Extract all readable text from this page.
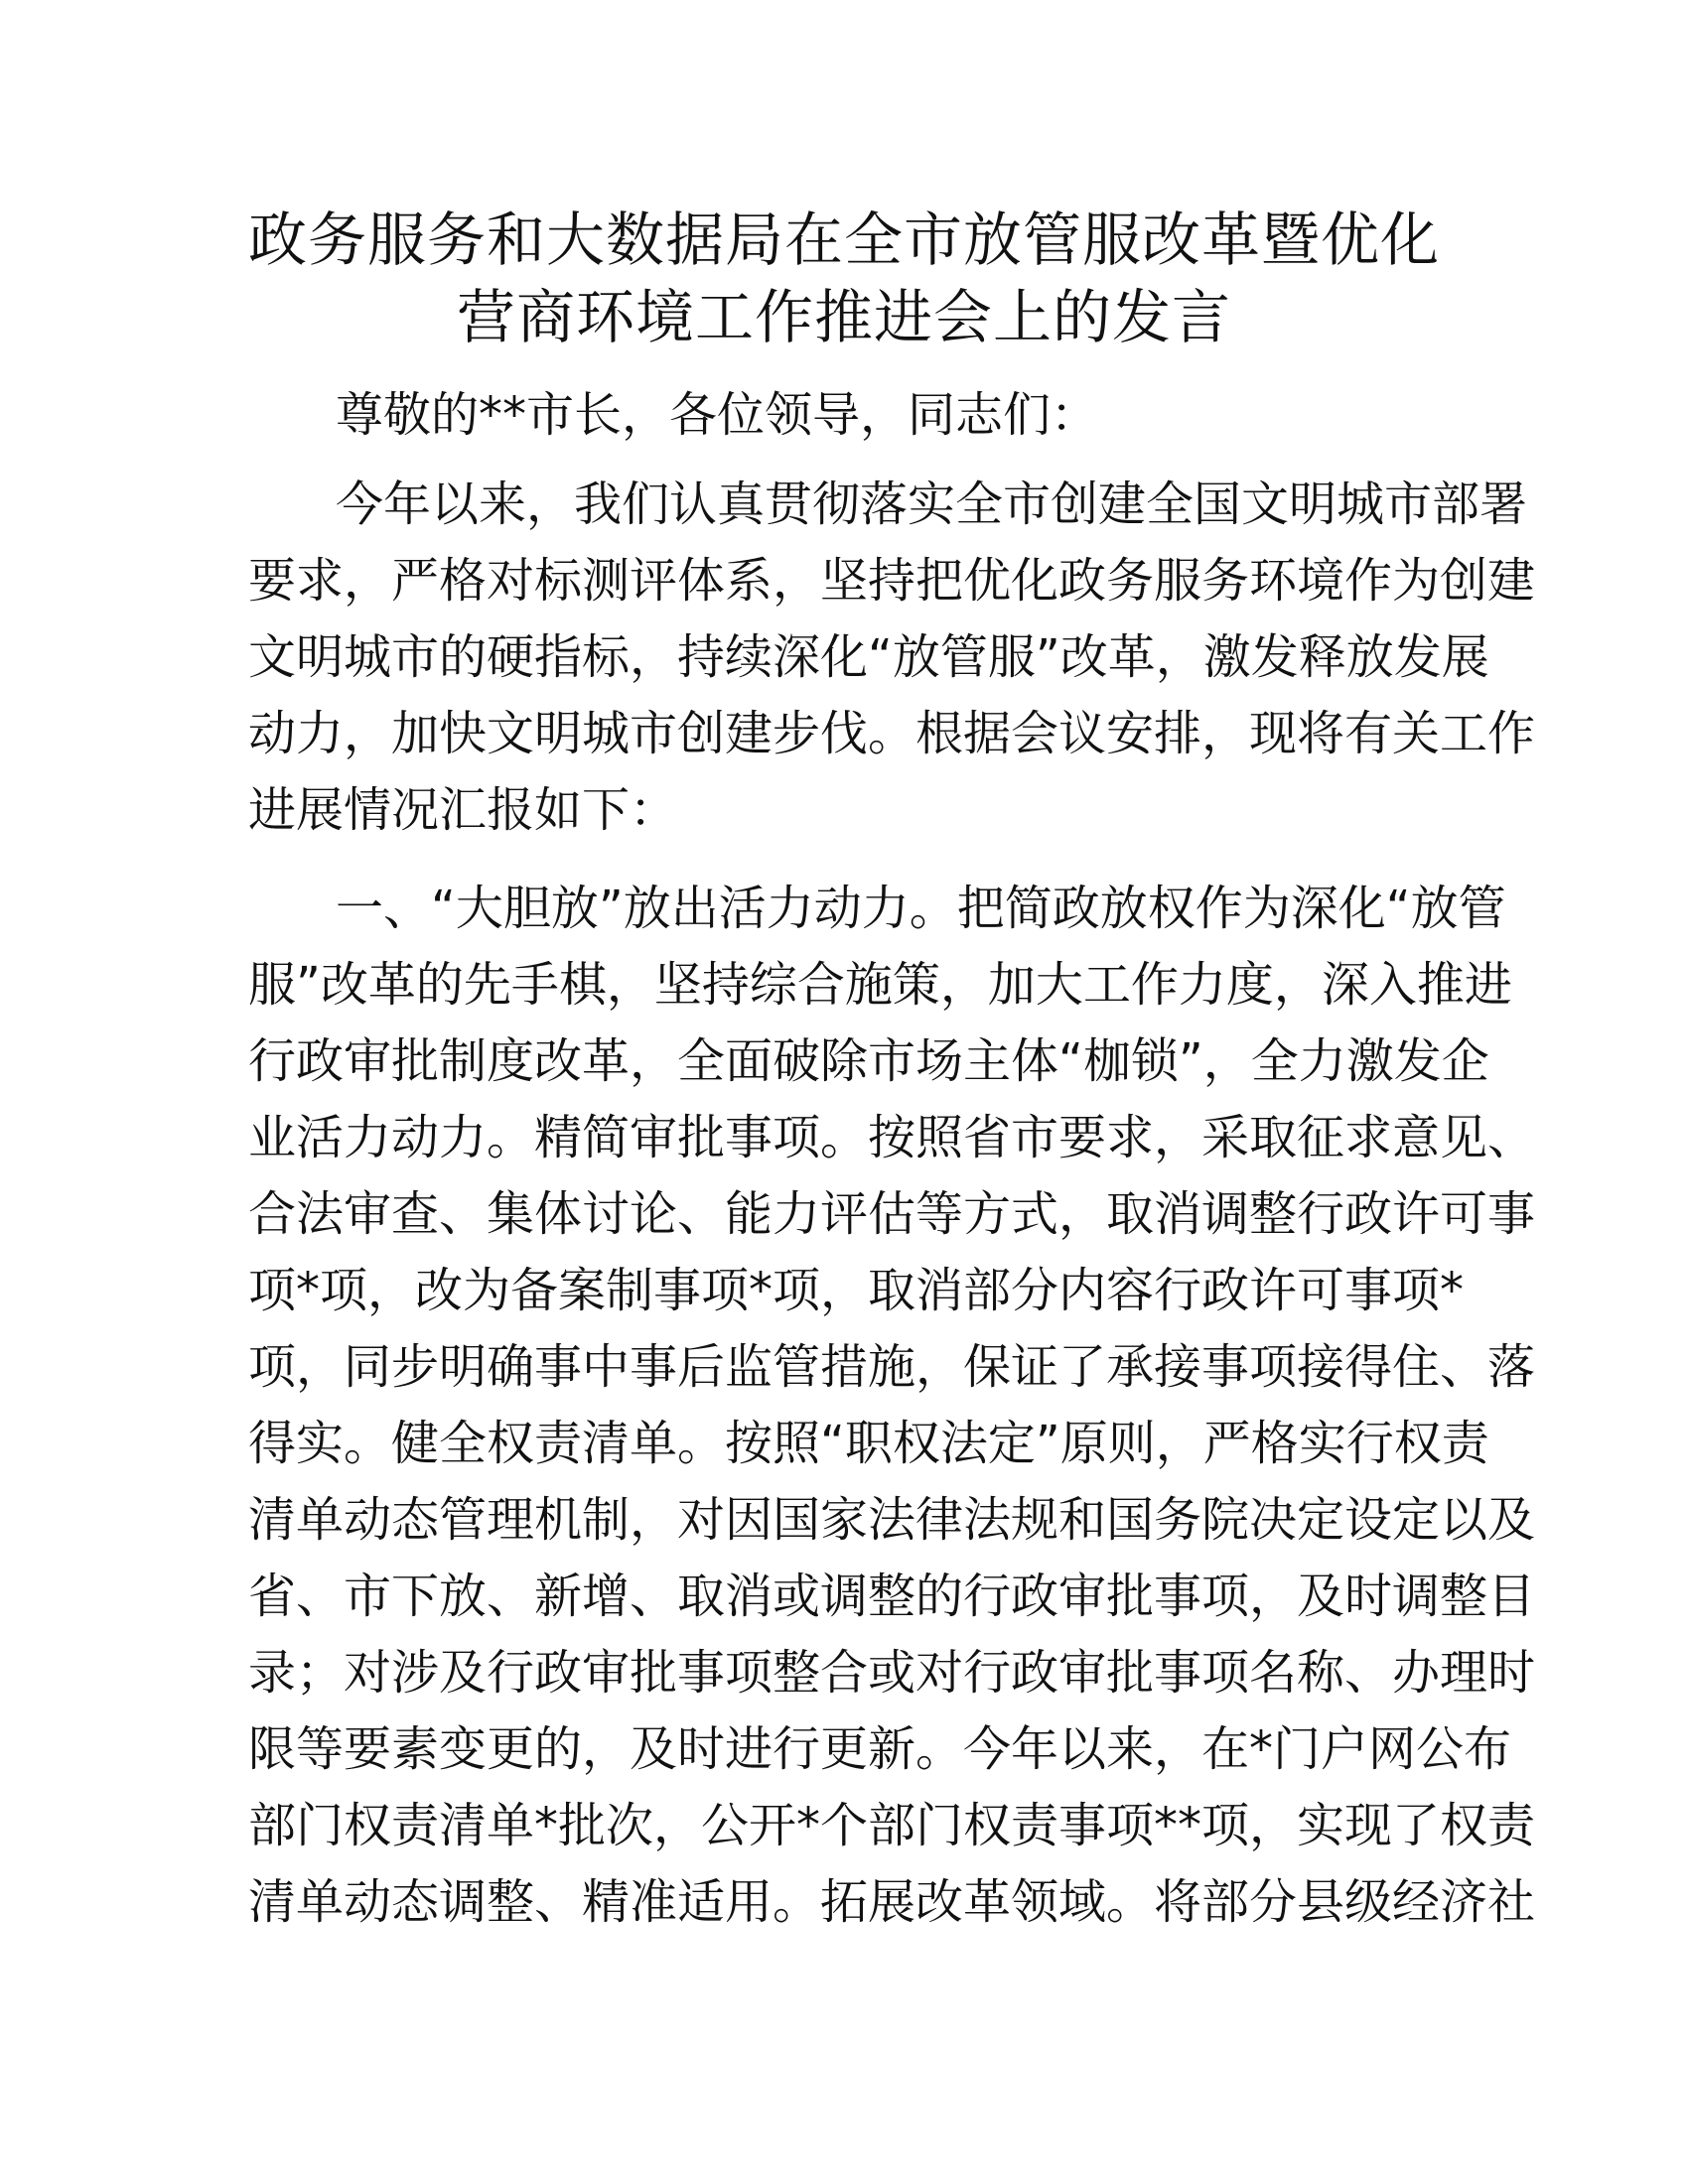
政务服务和大数据局在全市放管服改革暨优化
营商环境工作推进会上的发言
尊敬的**市长，各位领导，同志们：
今年以来，我们认真贯彻落实全市创建全国文明城市部署
要求，严格对标测评体系，坚持把优化政务服务环境作为创建
文明城市的硬指标，持续深化“放管服”改革，激发释放发展
动力，加快文明城市创建步伐。根据会议安排，现将有关工作
进展情况汇报如下：
一、“大胆放”放出活力动力。把简政放权作为深化“放管
服”改革的先手棋，坚持综合施策，加大工作力度，深入推进
行政审批制度改革，全面破除市场主体“枷锁”，全力激发企
业活力动力。精简审批事项。按照省市要求，采取征求意见、
合法审查、集体讨论、能力评估等方式，取消调整行政许可事
项*项，改为备案制事项*项，取消部分内容行政许可事项*
项，同步明确事中事后监管措施，保证了承接事项接得住、落
得实。健全权责清单。按照“职权法定”原则，严格实行权责
清单动态管理机制，对因国家法律法规和国务院决定设定以及
省、市下放、新增、取消或调整的行政审批事项，及时调整目
录；对涉及行政审批事项整合或对行政审批事项名称、办理时
限等要素变更的，及时进行更新。今年以来，在*门户网公布
部门权责清单*批次，公开*个部门权责事项**项，实现了权责
清单动态调整、精准适用。拓展改革领域。将部分县级经济社
